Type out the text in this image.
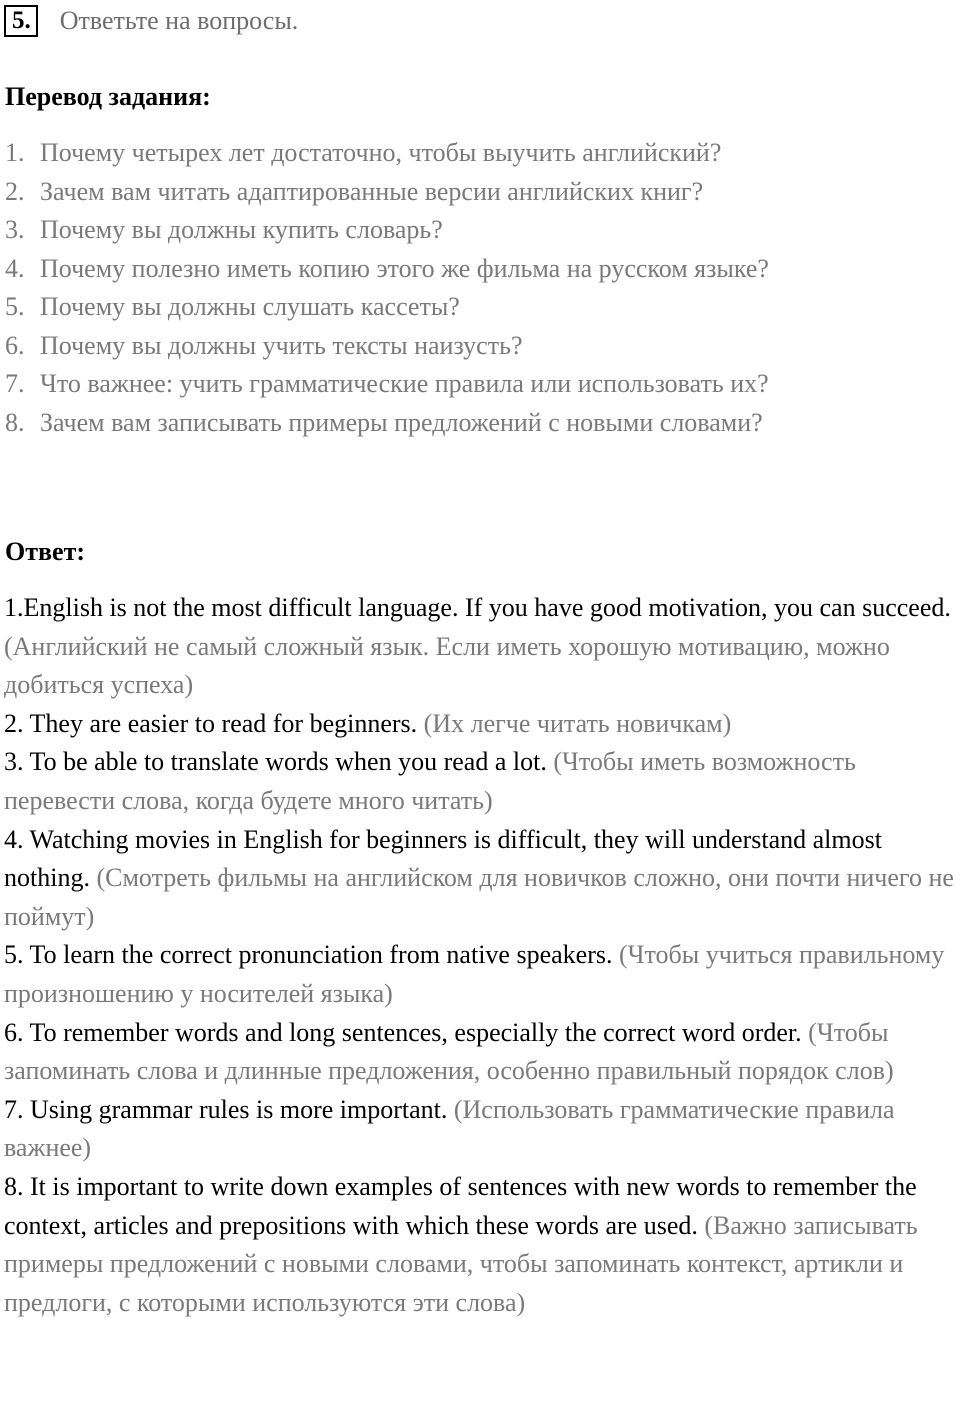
5. Ответьте на вопросы.
Перевод задания:
1. Почему четырех лет достаточно, чтобы выучить английский?
2. Зачем вам читать адаптированные версии английских книг?
3. Почему вы должны купить словарь?
4. Почему полезно иметь копию этого же фильма на русском языке?
5. Почему вы должны слушать кассеты?
6. Почему вы должны учить тексты наизусть?
7. Что важнее: учить грамматические правила или использовать их?
8. Зачем вам записывать примеры предложений с новыми словами?
Ответ:
1.English is not the most difficult language. If you have good motivation, you can succeed. (Английский не самый сложный язык. Если иметь хорошую мотивацию, можно добиться успеха)
2. They are easier to read for beginners. (Их легче читать новичкам)
3. To be able to translate words when you read a lot. (Чтобы иметь возможность перевести слова, когда будете много читать)
4. Watching movies in English for beginners is difficult, they will understand almost nothing. (Смотреть фильмы на английском для новичков сложно, они почти ничего не поймут)
5. To learn the correct pronunciation from native speakers. (Чтобы учиться правильному произношению у носителей языка)
6. To remember words and long sentences, especially the correct word order. (Чтобы запоминать слова и длинные предложения, особенно правильный порядок слов)
7. Using grammar rules is more important. (Использовать грамматические правила важнее)
8. It is important to write down examples of sentences with new words to remember the context, articles and prepositions with which these words are used. (Важно записывать примеры предложений с новыми словами, чтобы запоминать контекст, артикли и предлоги, с которыми используются эти слова)
